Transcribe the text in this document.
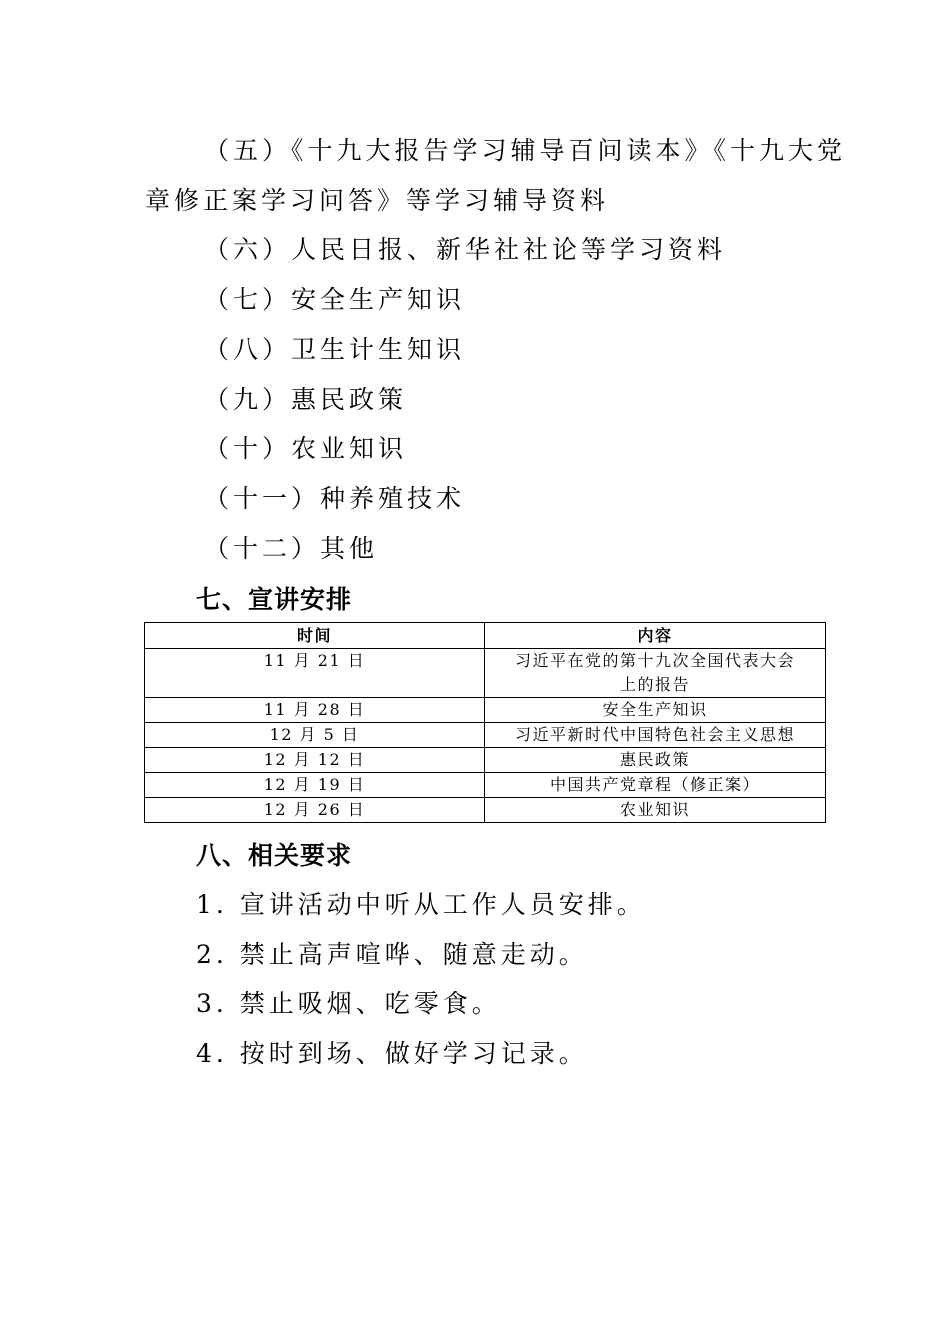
（五）《十九大报告学习辅导百问读本》《十九大党
章修正案学习问答》等学习辅导资料
（六）人民日报、新华社社论等学习资料
（七）安全生产知识
（八）卫生计生知识
（九）惠民政策
（十）农业知识
（十一）种养殖技术
（十二）其他
七、宣讲安排
时间	内容
11 月 21 日	习近平在党的第十九次全国代表大会
上的报告

11 月 28 日	安全生产知识
12 月 5 日	习近平新时代中国特色社会主义思想
12 月 12 日	惠民政策
12 月 19 日	中国共产党章程（修正案）
12 月 26 日	农业知识
八、相关要求
1. 宣讲活动中听从工作人员安排。
2. 禁止高声喧哗、随意走动。
3. 禁止吸烟、吃零食。
4. 按时到场、做好学习记录。
